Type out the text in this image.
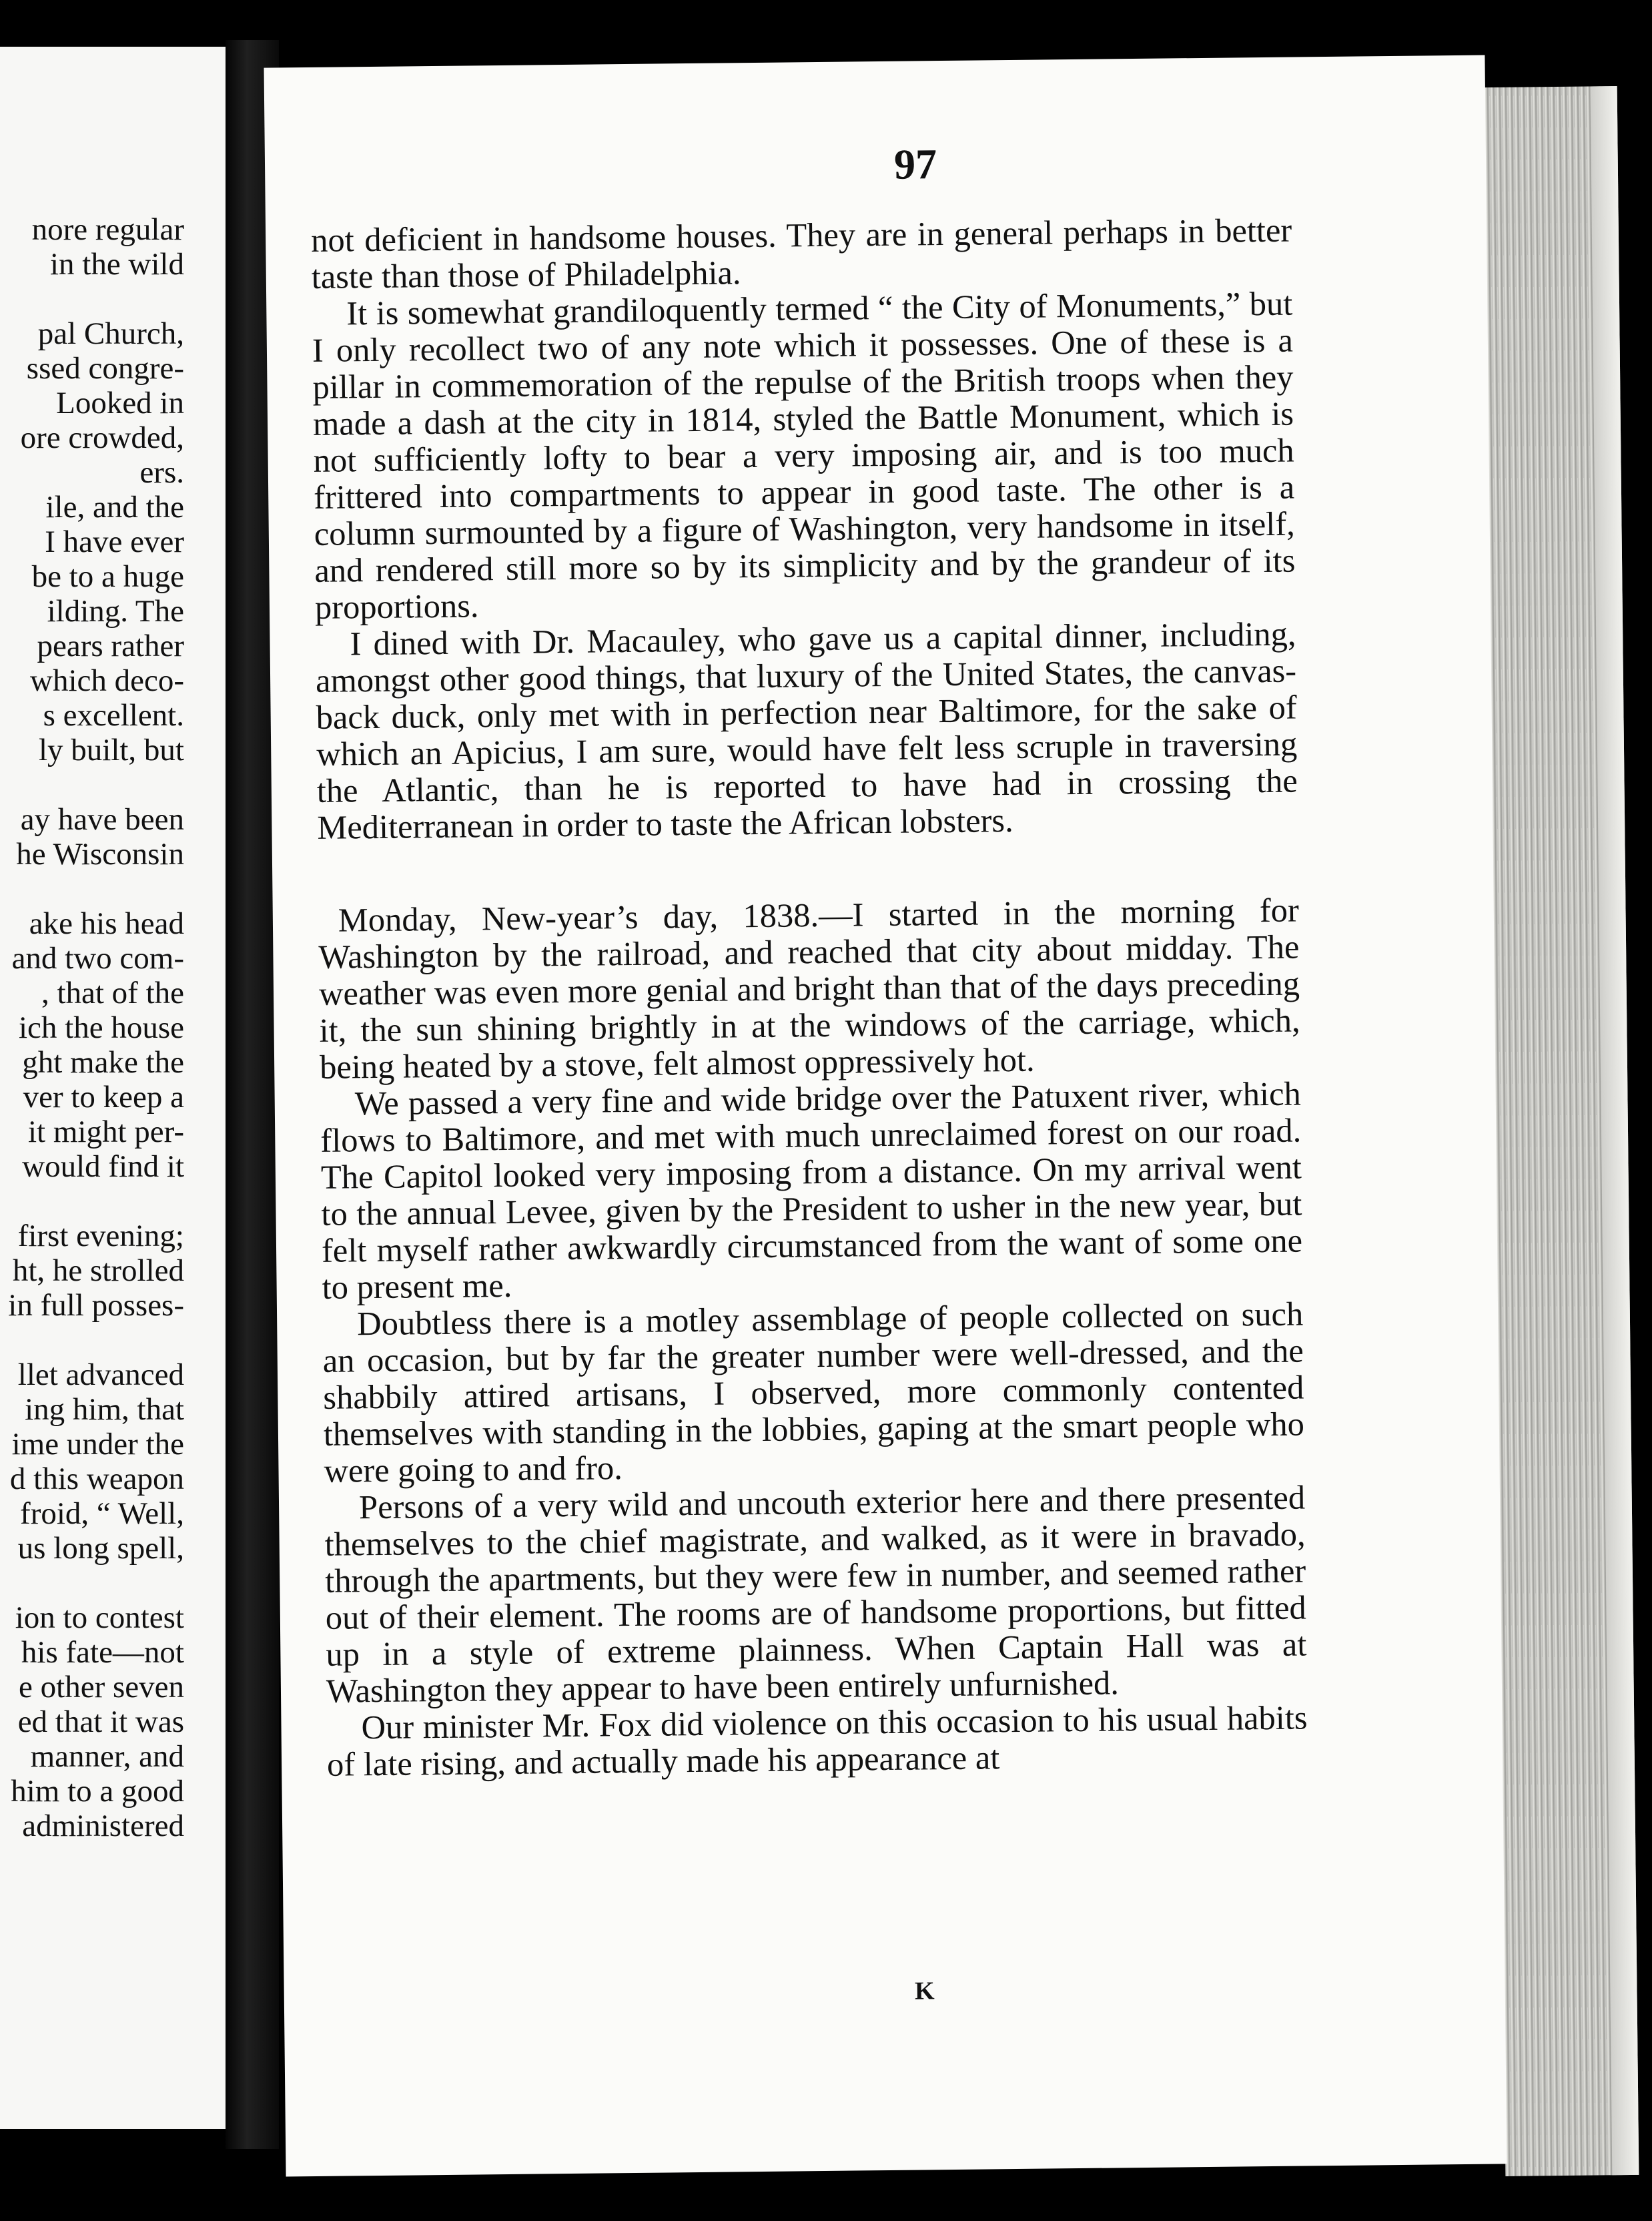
nore regular
in the wild
pal Church,
ssed congre-
Looked in
ore crowded,
ers.
ile, and the
I have ever
be to a huge
ilding. The
pears rather
which deco-
s excellent.
ly built, but
ay have been
he Wisconsin
ake his head
and two com-
, that of the
ich the house
ght make the
ver to keep a
it might per-
would find it
first evening;
ht, he strolled
in full posses-
llet advanced
ing him, that
ime under the
d this weapon
froid, “ Well,
us long spell,
ion to contest
his fate—not
e other seven
ed that it was
manner, and
him to a good
administered
97

not deficient in handsome houses. They are in general perhaps in better taste than those of Philadelphia.

It is somewhat grandiloquently termed “ the City of Monuments,” but I only recollect two of any note which it possesses. One of these is a pillar in commemoration of the repulse of the British troops when they made a dash at the city in 1814, styled the Battle Monument, which is not sufficiently lofty to bear a very imposing air, and is too much frittered into compartments to appear in good taste. The other is a column surmounted by a figure of Washington, very handsome in itself, and rendered still more so by its simplicity and by the grandeur of its proportions.

I dined with Dr. Macauley, who gave us a capital dinner, including, amongst other good things, that luxury of the United States, the canvas-back duck, only met with in perfection near Baltimore, for the sake of which an Apicius, I am sure, would have felt less scruple in traversing the Atlantic, than he is reported to have had in crossing the Mediterranean in order to taste the African lobsters.

Monday, New-year’s day, 1838.—I started in the morning for Washington by the railroad, and reached that city about midday. The weather was even more genial and bright than that of the days preceding it, the sun shining brightly in at the windows of the carriage, which, being heated by a stove, felt almost oppressively hot.

We passed a very fine and wide bridge over the Patuxent river, which flows to Baltimore, and met with much unreclaimed forest on our road. The Capitol looked very imposing from a distance. On my arrival went to the annual Levee, given by the President to usher in the new year, but felt myself rather awkwardly circumstanced from the want of some one to present me.

Doubtless there is a motley assemblage of people collected on such an occasion, but by far the greater number were well-dressed, and the shabbily attired artisans, I observed, more commonly contented themselves with standing in the lobbies, gaping at the smart people who were going to and fro.

Persons of a very wild and uncouth exterior here and there presented themselves to the chief magistrate, and walked, as it were in bravado, through the apartments, but they were few in number, and seemed rather out of their element. The rooms are of handsome proportions, but fitted up in a style of extreme plainness. When Captain Hall was at Washington they appear to have been entirely unfurnished.

Our minister Mr. Fox did violence on this occasion to his usual habits of late rising, and actually made his appearance at

K
